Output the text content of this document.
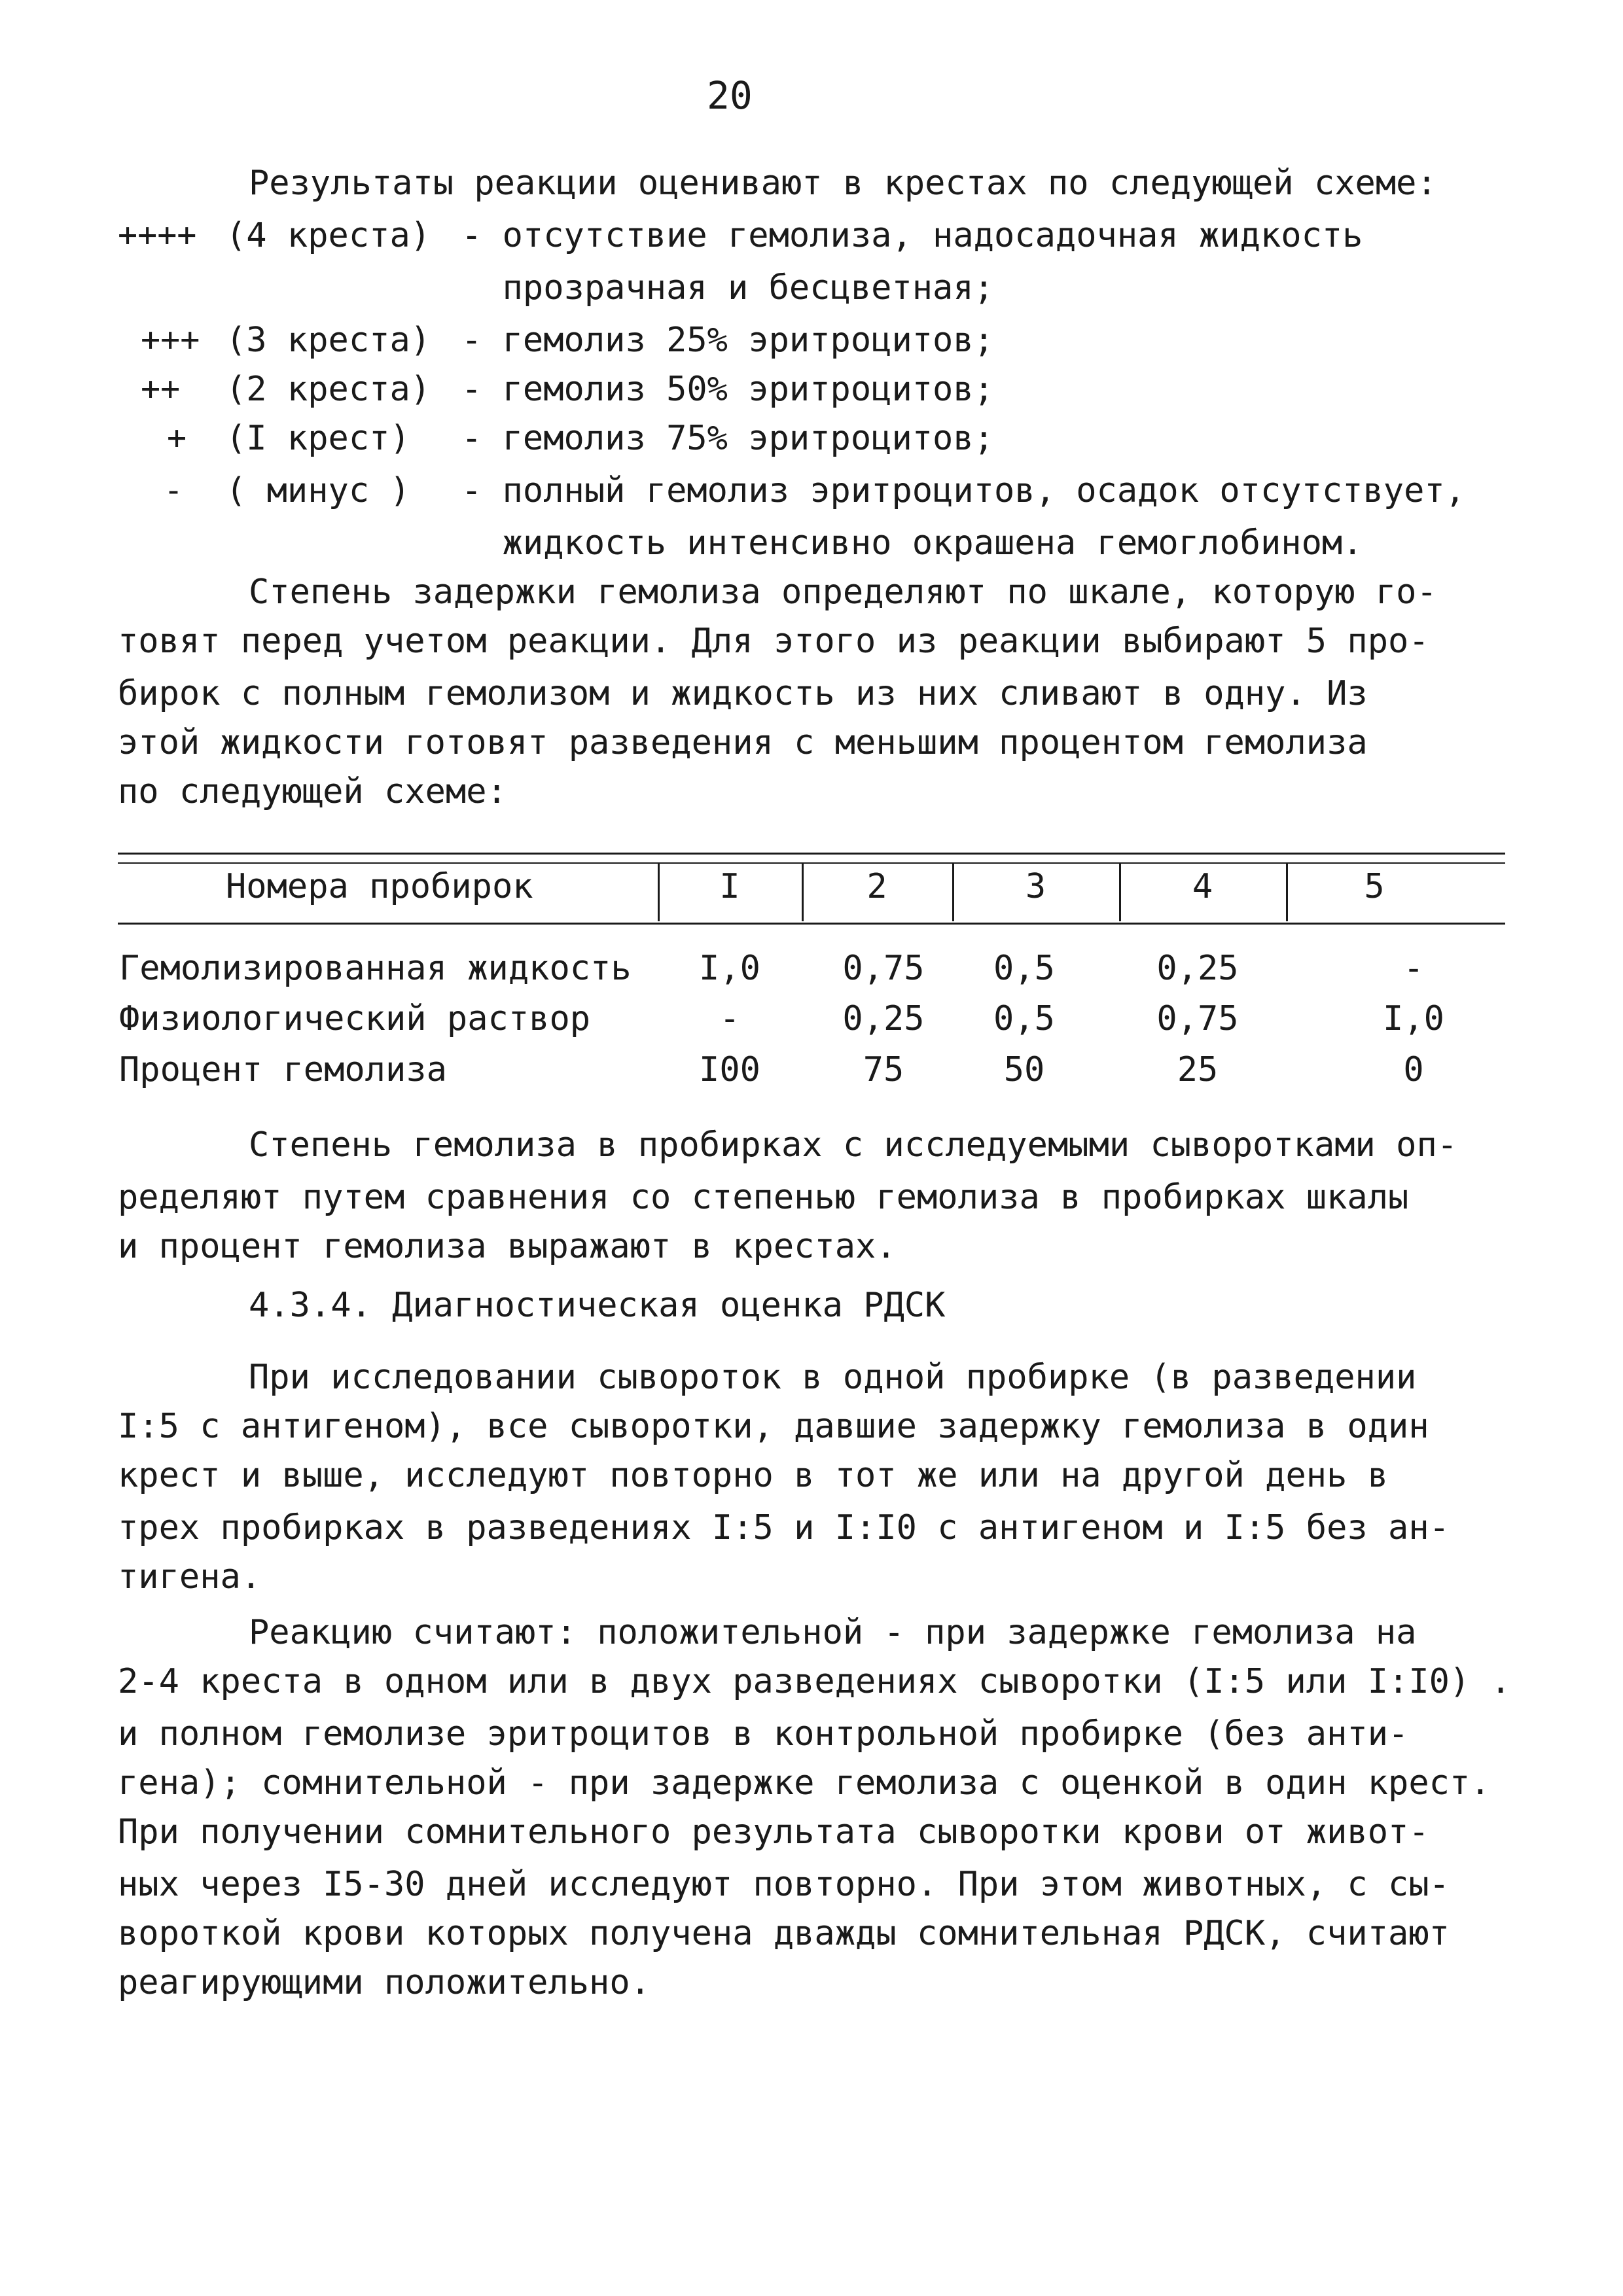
20
Результаты реакции оценивают в крестах по следующей схеме:
++++ (4 креста) - отсутствие гемолиза, надосадочная жидкость
прозрачная и бесцветная;
+++ (3 креста) - гемолиз 25% эритроцитов;
++ (2 креста) - гемолиз 50% эритроцитов;
+ (I крест) - гемолиз 75% эритроцитов;
- ( минус ) - полный гемолиз эритроцитов, осадок отсутствует,
жидкость интенсивно окрашена гемоглобином.
Степень задержки гемолиза определяют по шкале, которую го-
товят перед учетом реакции. Для этого из реакции выбирают 5 про-
бирок с полным гемолизом и жидкость из них сливают в одну. Из
этой жидкости готовят разведения с меньшим процентом гемолиза
по следующей схеме:
Номера пробирок	I	2	3	4	5
Гемолизированная жидкость	I,0	0,75	0,5	0,25	-
Физиологический раствор	-	0,25	0,5	0,75	I,0
Процент гемолиза	I00	75	50	25	0
Степень гемолиза в пробирках с исследуемыми сыворотками оп-
ределяют путем сравнения со степенью гемолиза в пробирках шкалы
и процент гемолиза выражают в крестах.
4.3.4. Диагностическая оценка РДСК
При исследовании сывороток в одной пробирке (в разведении
I:5 с антигеном), все сыворотки, давшие задержку гемолиза в один
крест и выше, исследуют повторно в тот же или на другой день в
трех пробирках в разведениях I:5 и I:I0 с антигеном и I:5 без ан-
тигена.
Реакцию считают: положительной - при задержке гемолиза на
2-4 креста в одном или в двух разведениях сыворотки (I:5 или I:I0) .
и полном гемолизе эритроцитов в контрольной пробирке (без анти-
гена); сомнительной - при задержке гемолиза с оценкой в один крест.
При получении сомнительного результата сыворотки крови от живот-
ных через I5-30 дней исследуют повторно. При этом животных, с сы-
вороткой крови которых получена дважды сомнительная РДСК, считают
реагирующими положительно.
